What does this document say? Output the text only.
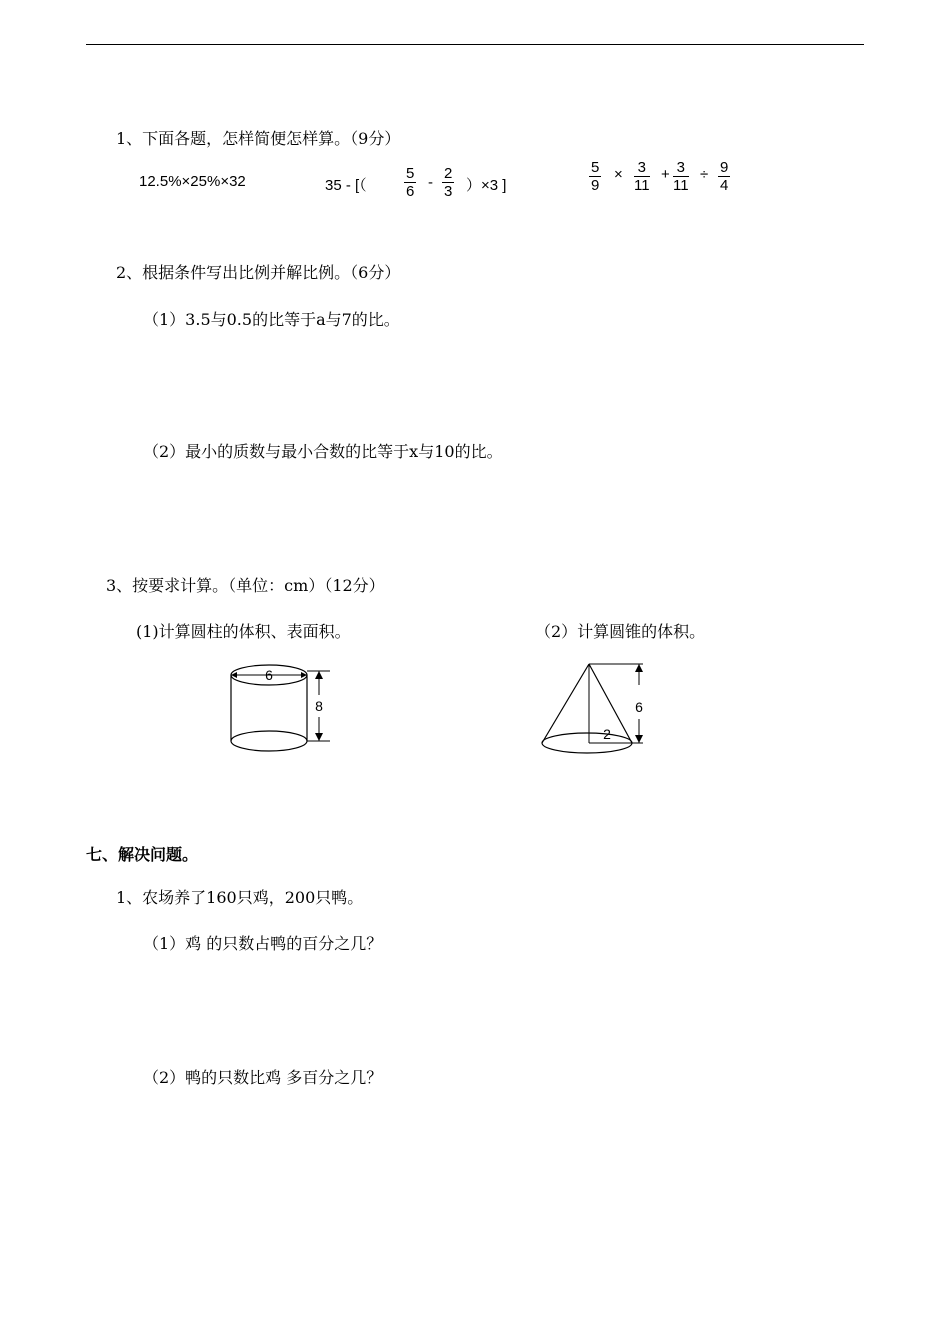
1、下面各题，怎样简便怎样算。（9分）
12.5%×25%×32	35 - [（ $\frac{5}{6} - \frac{2}{3} )\times 3$ ]	$\frac{5}{9} \times \frac{3}{11} + \frac{3}{11} \div \frac{9}{4}$
2、根据条件写出比例并解比例。（6分）
（1）3.5与0.5的比等于a与7的比。
（2）最小的质数与最小合数的比等于x与10的比。
3、按要求计算。（单位：cm）（12分）
(1)计算圆柱的体积、表面积。	（2）计算圆锥的体积。
6
8
2
6
七、解决问题。
1、农场养了160只鸡，200只鸭。
（1）鸡 的只数占鸭的百分之几？
（2）鸭的只数比鸡 多百分之几？
